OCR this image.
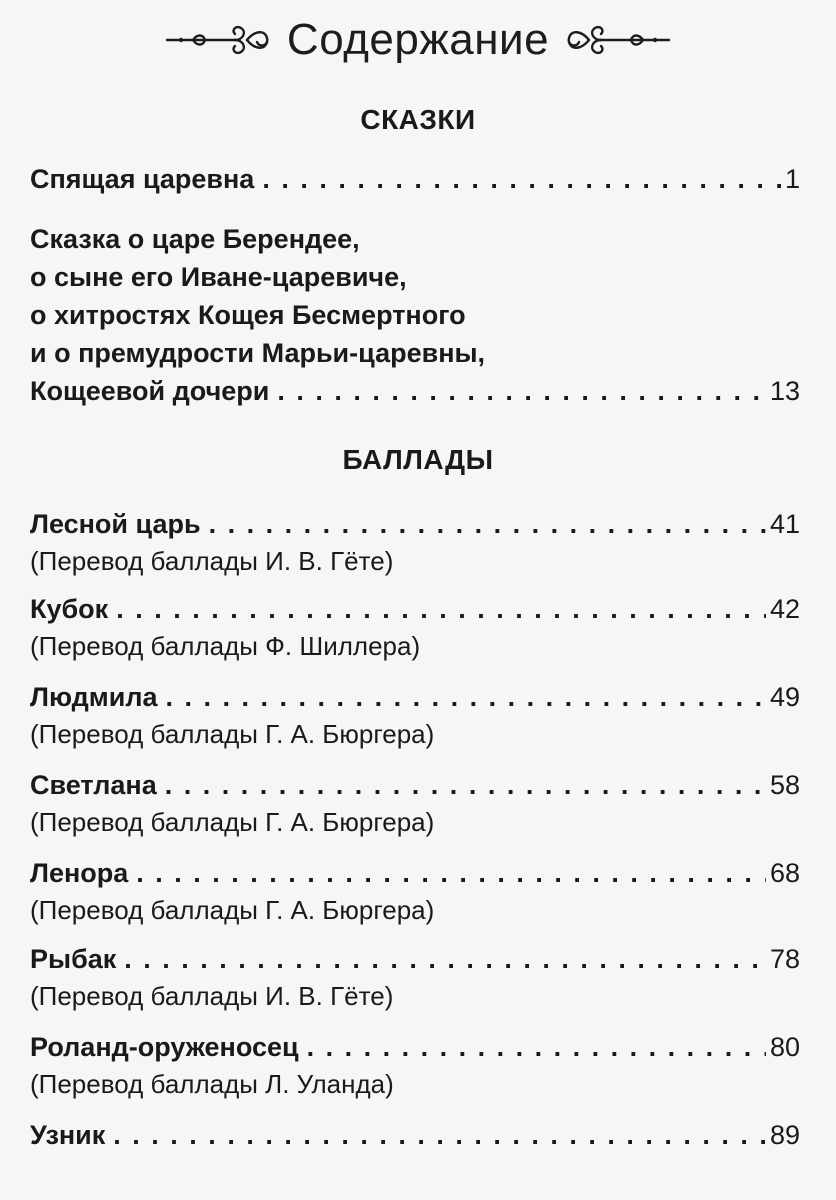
Содержание
СКАЗКИ
Спящая царевна . . .	1
Сказка о царе Берендее,
о сыне его Иване-царевиче,
о хитростях Кощея Бесмертного
и о премудрости Марьи-царевны,
Кощеевой дочери . . .	13
БАЛЛАДЫ
Лесной царь . . .	41
(Перевод баллады И. В. Гёте)
Кубок . . .	42
(Перевод баллады Ф. Шиллера)
Людмила . . .	49
(Перевод баллады Г. А. Бюргера)
Светлана . . .	58
(Перевод баллады Г. А. Бюргера)
Ленора . . .	68
(Перевод баллады Г. А. Бюргера)
Рыбак . . .	78
(Перевод баллады И. В. Гёте)
Роланд-оруженосец . . .	80
(Перевод баллады Л. Уланда)
Узник . . .	89
